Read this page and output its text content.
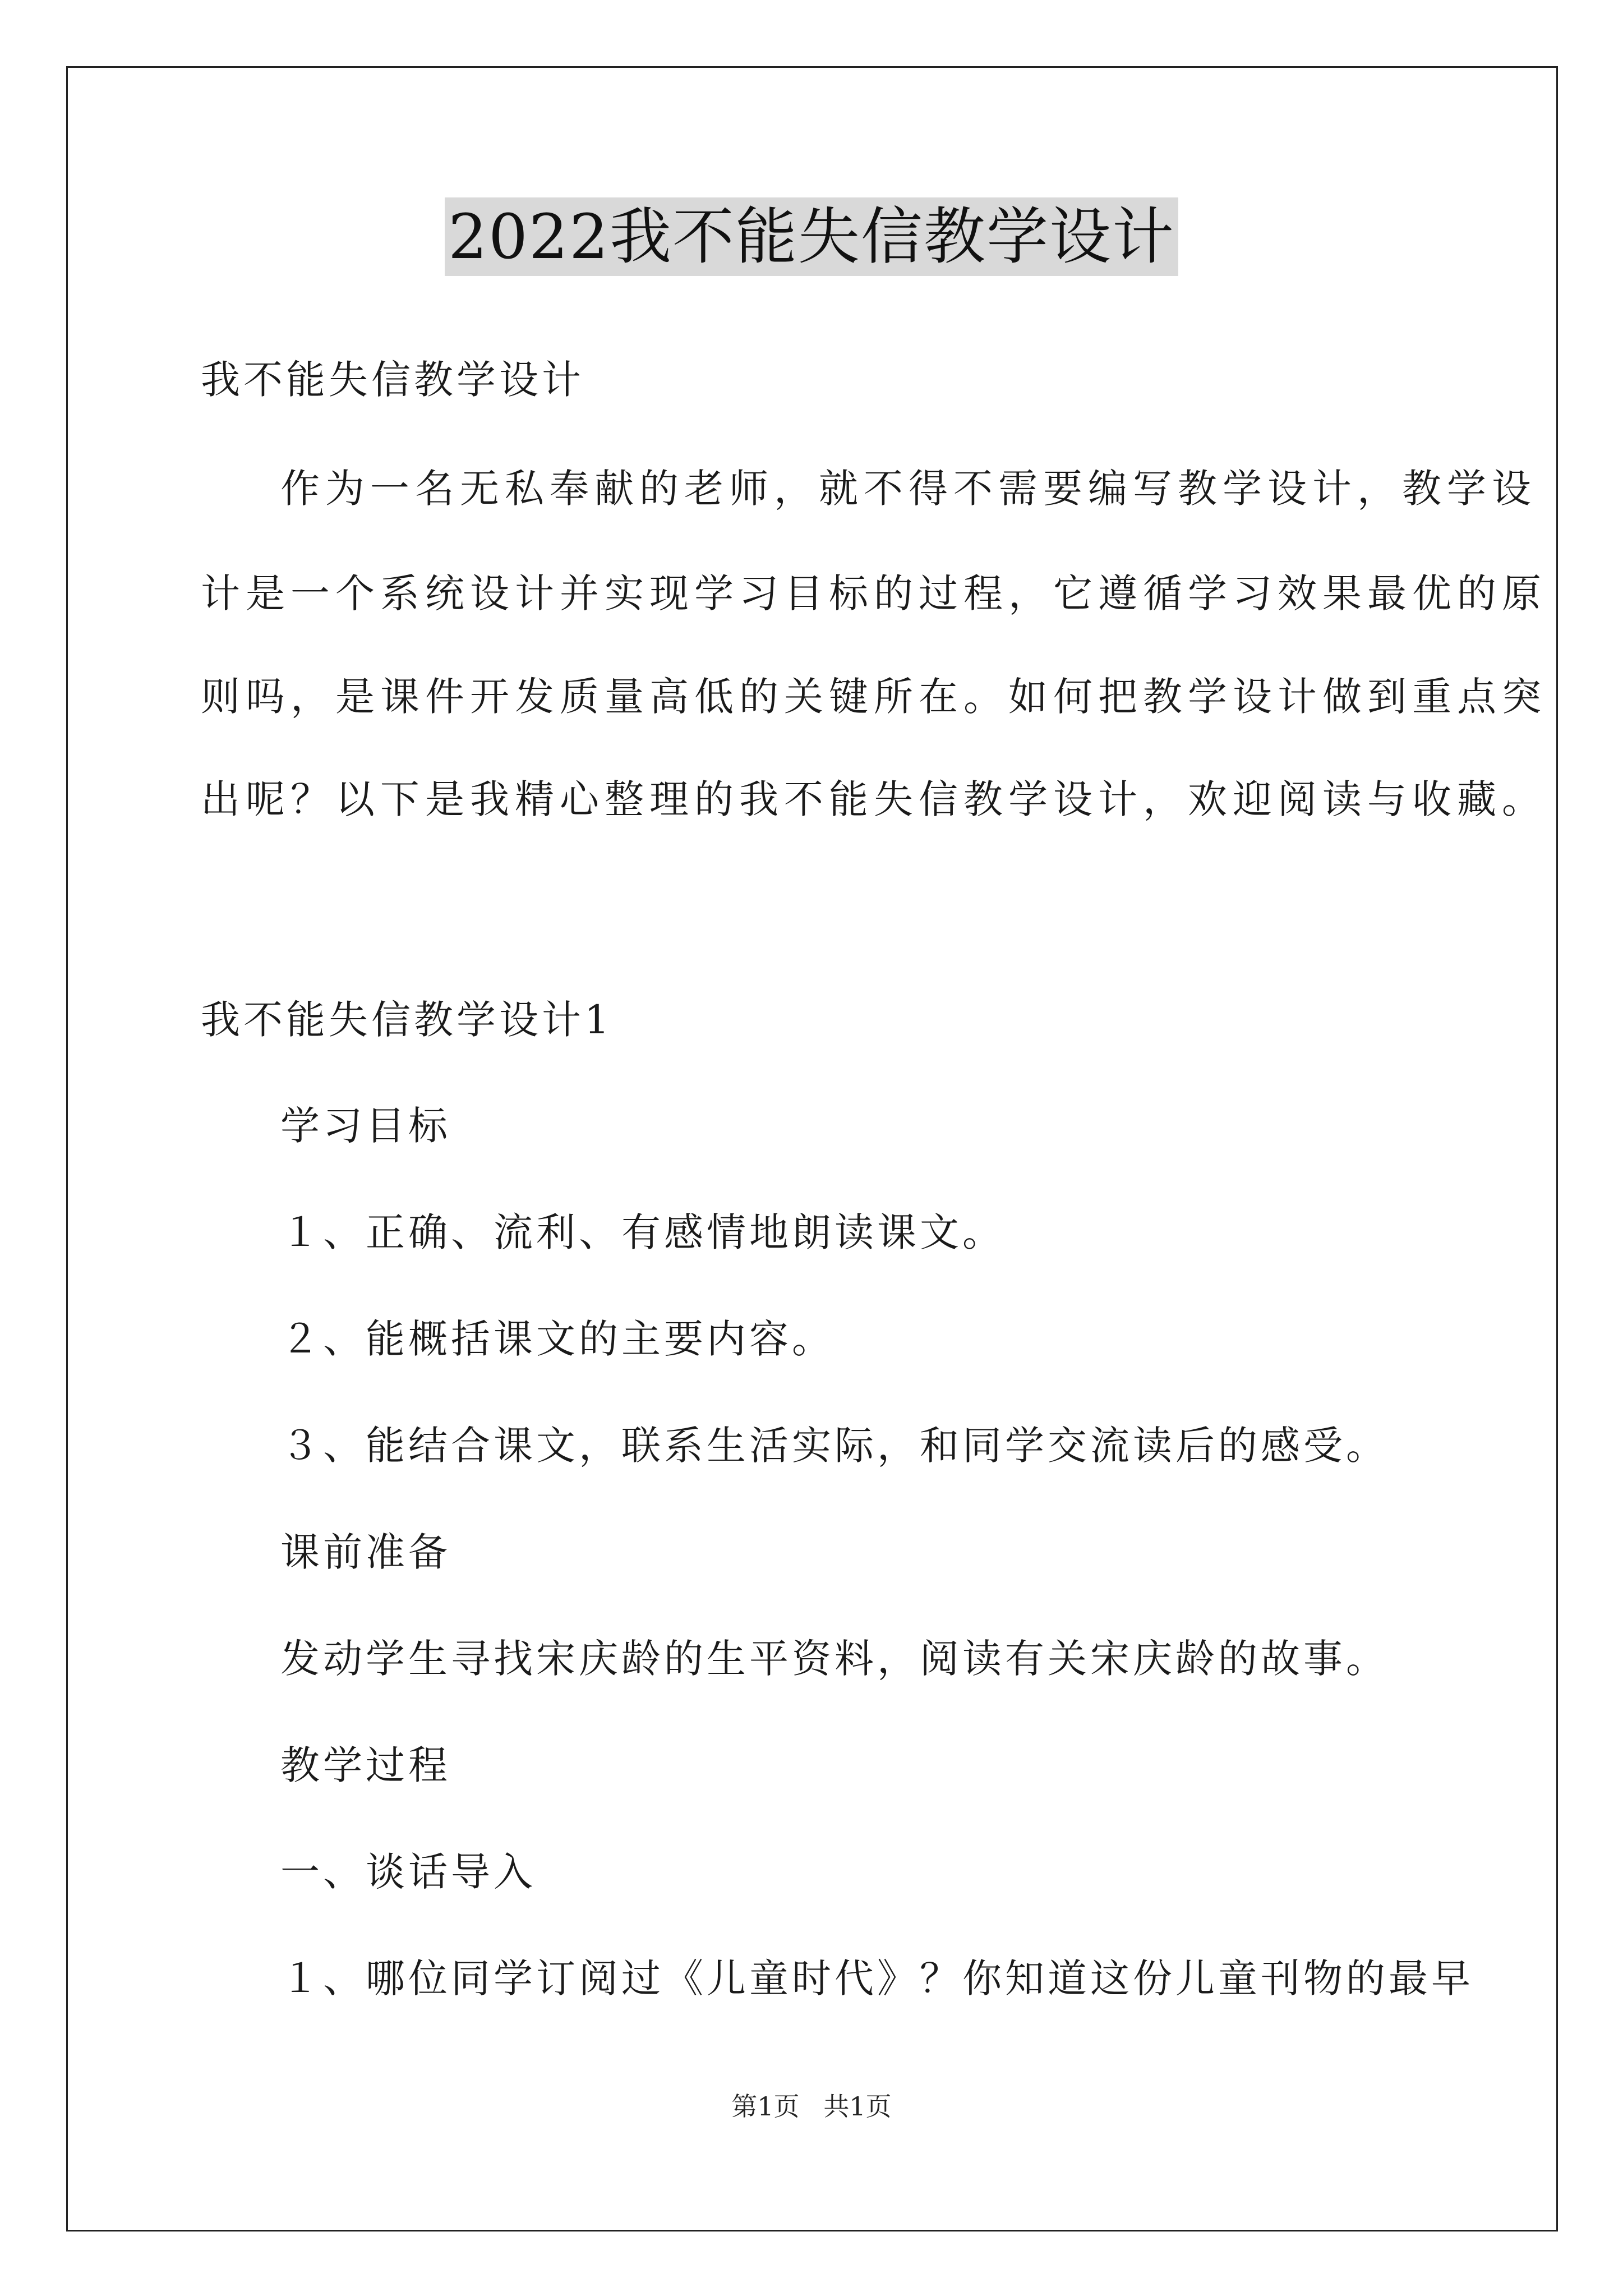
2022我不能失信教学设计
我不能失信教学设计
作为一名无私奉献的老师，就不得不需要编写教学设计，教学设
计是一个系统设计并实现学习目标的过程，它遵循学习效果最优的原
则吗，是课件开发质量高低的关键所在。如何把教学设计做到重点突
出呢？以下是我精心整理的我不能失信教学设计，欢迎阅读与收藏。
我不能失信教学设计1
学习目标
１、正确、流利、有感情地朗读课文。
２、能概括课文的主要内容。
３、能结合课文，联系生活实际，和同学交流读后的感受。
课前准备
发动学生寻找宋庆龄的生平资料，阅读有关宋庆龄的故事。
教学过程
一、谈话导入
１、哪位同学订阅过《儿童时代》？你知道这份儿童刊物的最早
第1页 共1页
